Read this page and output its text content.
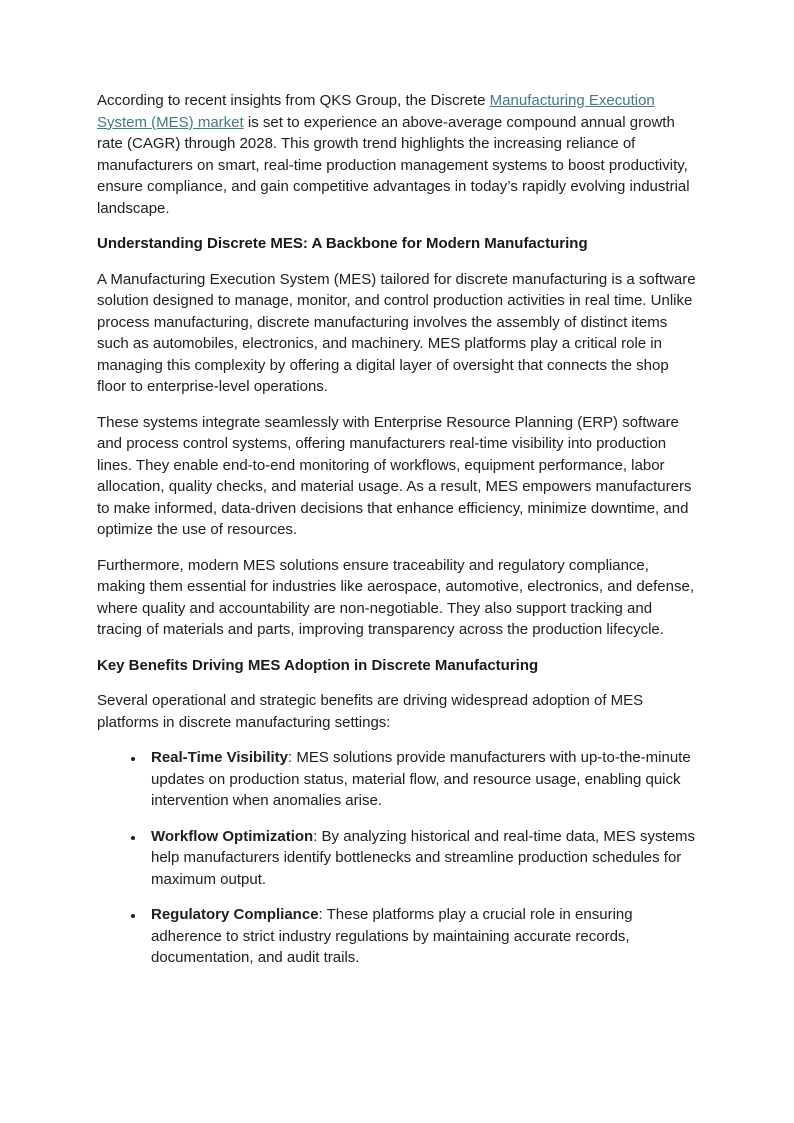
According to recent insights from QKS Group, the Discrete Manufacturing Execution System (MES) market is set to experience an above-average compound annual growth rate (CAGR) through 2028. This growth trend highlights the increasing reliance of manufacturers on smart, real-time production management systems to boost productivity, ensure compliance, and gain competitive advantages in today’s rapidly evolving industrial landscape.

Understanding Discrete MES: A Backbone for Modern Manufacturing

A Manufacturing Execution System (MES) tailored for discrete manufacturing is a software solution designed to manage, monitor, and control production activities in real time. Unlike process manufacturing, discrete manufacturing involves the assembly of distinct items such as automobiles, electronics, and machinery. MES platforms play a critical role in managing this complexity by offering a digital layer of oversight that connects the shop floor to enterprise-level operations.

These systems integrate seamlessly with Enterprise Resource Planning (ERP) software and process control systems, offering manufacturers real-time visibility into production lines. They enable end-to-end monitoring of workflows, equipment performance, labor allocation, quality checks, and material usage. As a result, MES empowers manufacturers to make informed, data-driven decisions that enhance efficiency, minimize downtime, and optimize the use of resources.

Furthermore, modern MES solutions ensure traceability and regulatory compliance, making them essential for industries like aerospace, automotive, electronics, and defense, where quality and accountability are non-negotiable. They also support tracking and tracing of materials and parts, improving transparency across the production lifecycle.

Key Benefits Driving MES Adoption in Discrete Manufacturing

Several operational and strategic benefits are driving widespread adoption of MES platforms in discrete manufacturing settings:

• Real-Time Visibility: MES solutions provide manufacturers with up-to-the-minute updates on production status, material flow, and resource usage, enabling quick intervention when anomalies arise.
• Workflow Optimization: By analyzing historical and real-time data, MES systems help manufacturers identify bottlenecks and streamline production schedules for maximum output.
• Regulatory Compliance: These platforms play a crucial role in ensuring adherence to strict industry regulations by maintaining accurate records, documentation, and audit trails.
